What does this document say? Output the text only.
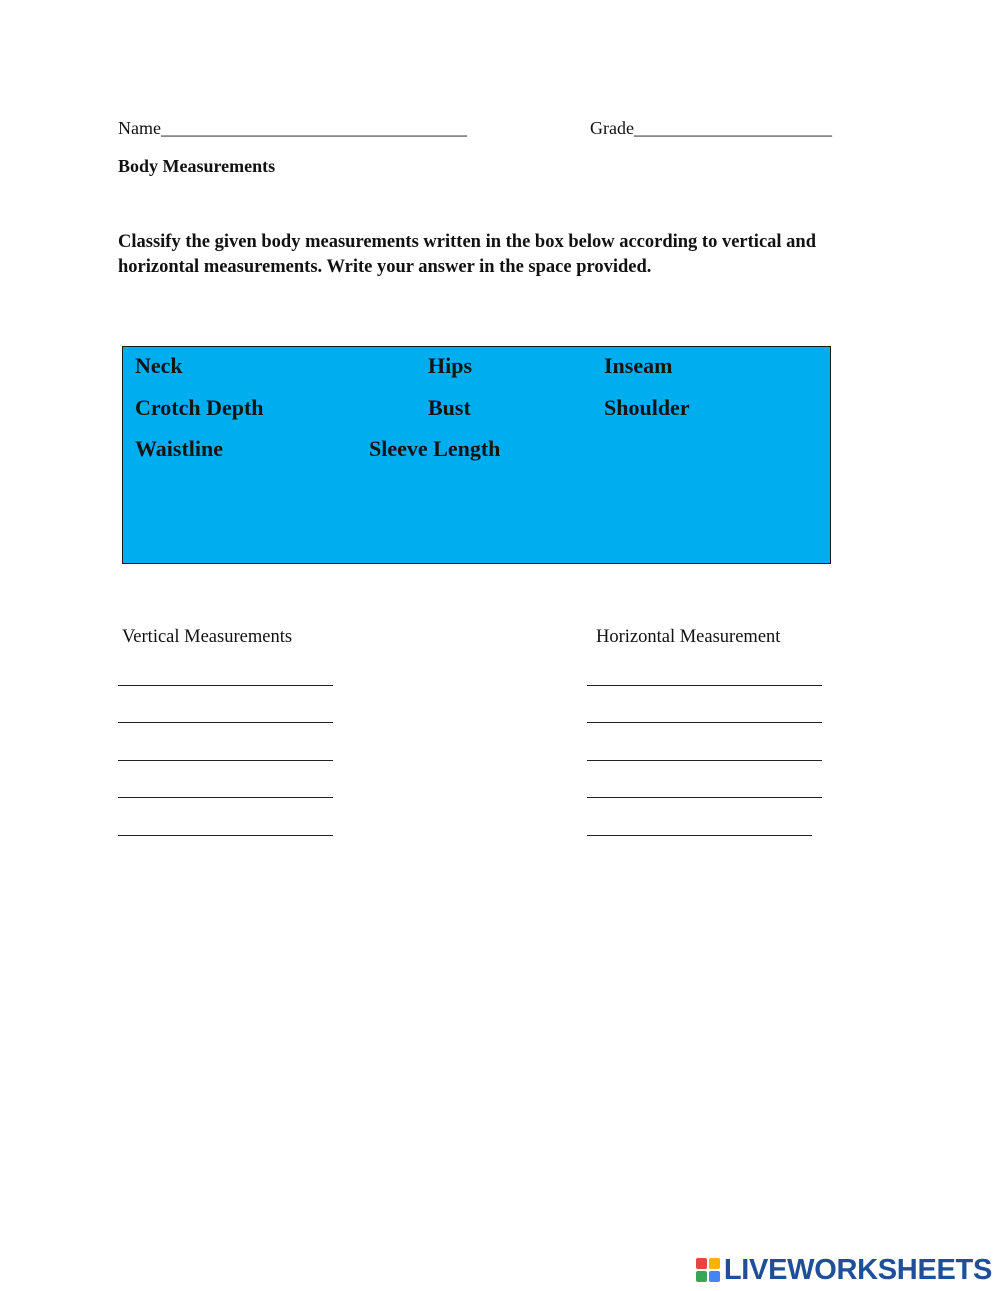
Name__________________________________	Grade______________________
Body Measurements
Classify the given body measurements written in the box below according to vertical and horizontal measurements. Write your answer in the space provided.
Neck	Hips	Inseam
Crotch Depth	Bust	Shoulder
Waistline	Sleeve Length
Vertical Measurements	Horizontal Measurement
LIVEWORKSHEETS
